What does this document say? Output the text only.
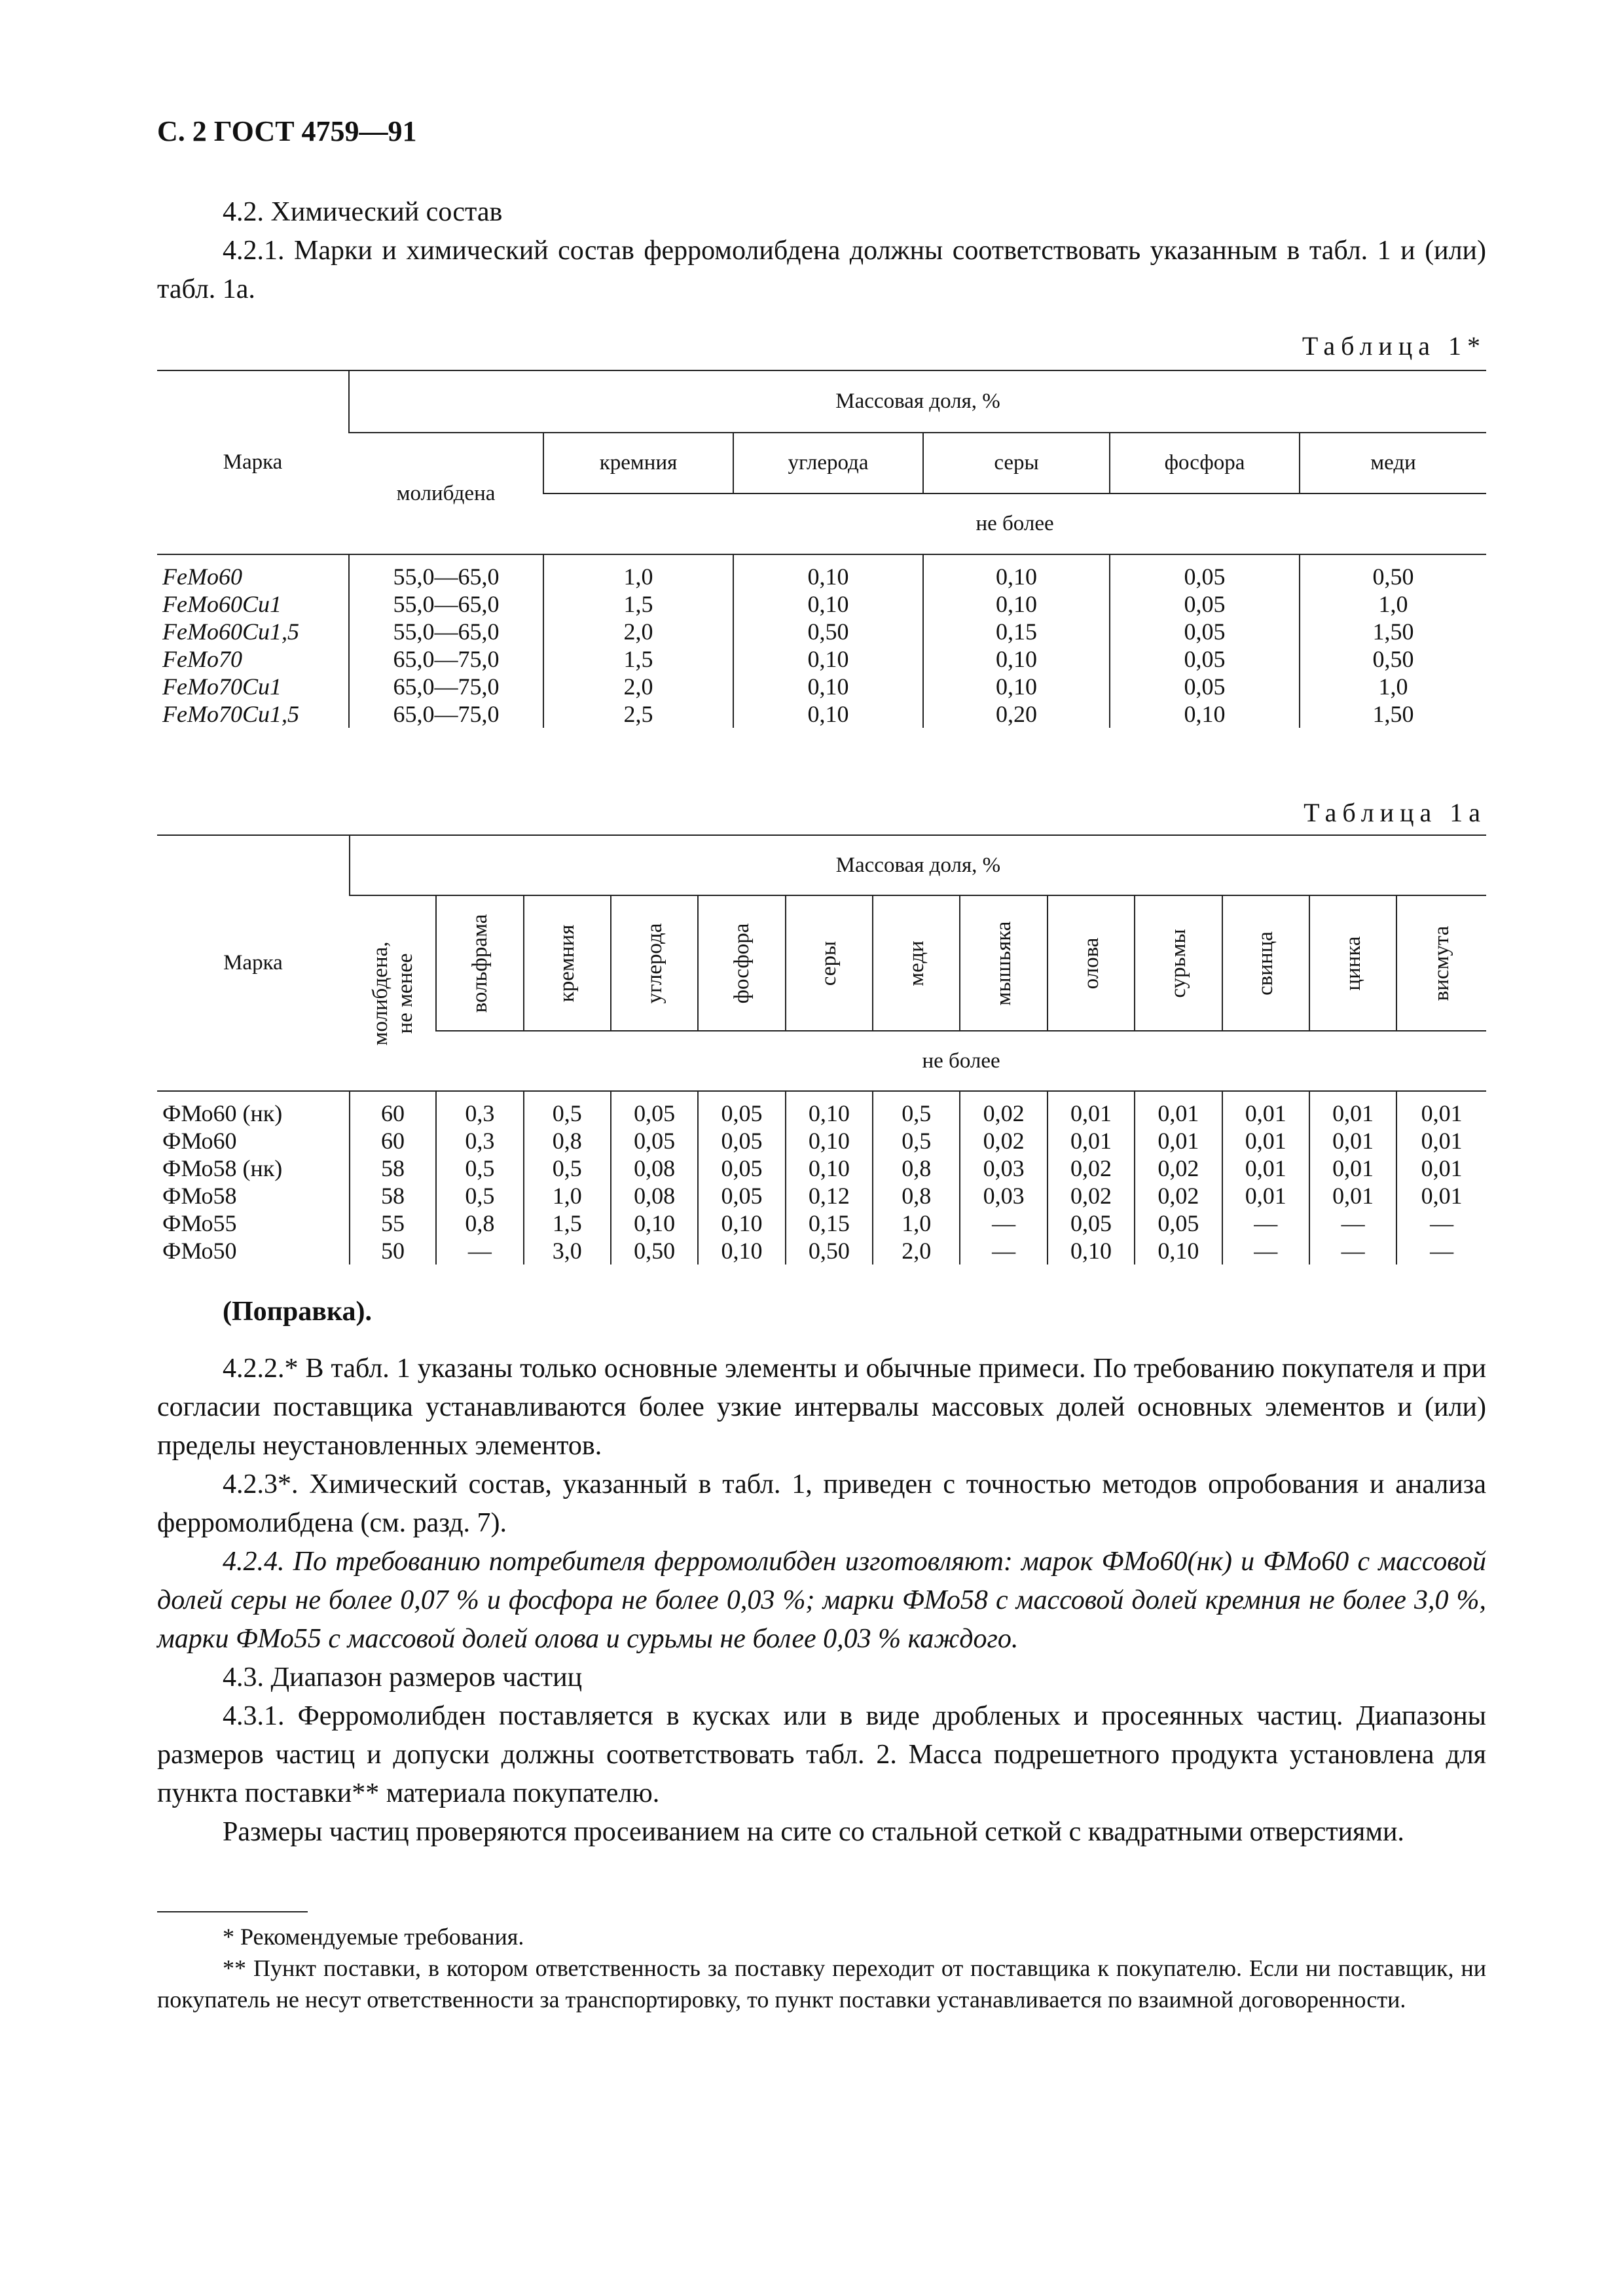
С. 2 ГОСТ 4759—91

4.2. Химический состав

4.2.1. Марки и химический состав ферромолибдена должны соответствовать указанным в табл. 1 и (или) табл. 1а.

Таблица 1*
Марка	Массовая доля, %					
	молибдена	кремния	углерода	серы	фосфора	меди
		не более				
FeMo60	55,0—65,0	1,0	0,10	0,10	0,05	0,50
FeMo60Cu1	55,0—65,0	1,5	0,10	0,10	0,05	1,0
FeMo60Cu1,5	55,0—65,0	2,0	0,50	0,15	0,05	1,50
FeMo70	65,0—75,0	1,5	0,10	0,10	0,05	0,50
FeMo70Cu1	65,0—75,0	2,0	0,10	0,10	0,05	1,0
FeMo70Cu1,5	65,0—75,0	2,5	0,10	0,20	0,10	1,50
Таблица 1а
Марка	Массовая доля, %												

	молибдена, не менее	вольфрама	кремния	углерода	фосфора	серы	меди	мышьяка	олова	сурьмы	свинца	цинка	висмута

		не более											
ФМо60 (нк)	60	0,3	0,5	0,05	0,05	0,10	0,5	0,02	0,01	0,01	0,01	0,01	0,01
ФМо60	60	0,3	0,8	0,05	0,05	0,10	0,5	0,02	0,01	0,01	0,01	0,01	0,01
ФМо58 (нк)	58	0,5	0,5	0,08	0,05	0,10	0,8	0,03	0,02	0,02	0,01	0,01	0,01
ФМо58	58	0,5	1,0	0,08	0,05	0,12	0,8	0,03	0,02	0,02	0,01	0,01	0,01
ФМо55	55	0,8	1,5	0,10	0,10	0,15	1,0	—	0,05	0,05	—	—	—
ФМо50	50	—	3,0	0,50	0,10	0,50	2,0	—	0,10	0,10	—	—	—

(Поправка).

4.2.2.* В табл. 1 указаны только основные элементы и обычные примеси. По требованию покупателя и при согласии поставщика устанавливаются более узкие интервалы массовых долей основных элементов и (или) пределы неустановленных элементов.

4.2.3*. Химический состав, указанный в табл. 1, приведен с точностью методов опробования и анализа ферромолибдена (см. разд. 7).

4.2.4. По требованию потребителя ферромолибден изготовляют: марок ФМо60(нк) и ФМо60 с массовой долей серы не более 0,07 % и фосфора не более 0,03 %; марки ФМо58 с массовой долей кремния не более 3,0 %, марки ФМо55 с массовой долей олова и сурьмы не более 0,03 % каждого.

4.3. Диапазон размеров частиц

4.3.1. Ферромолибден поставляется в кусках или в виде дробленых и просеянных частиц. Диапазоны размеров частиц и допуски должны соответствовать табл. 2. Масса подрешетного продукта установлена для пункта поставки** материала покупателю.

Размеры частиц проверяются просеиванием на сите со стальной сеткой с квадратными отверстиями.

* Рекомендуемые требования.

** Пункт поставки, в котором ответственность за поставку переходит от поставщика к покупателю. Если ни поставщик, ни покупатель не несут ответственности за транспортировку, то пункт поставки устанавливается по взаимной договоренности.
